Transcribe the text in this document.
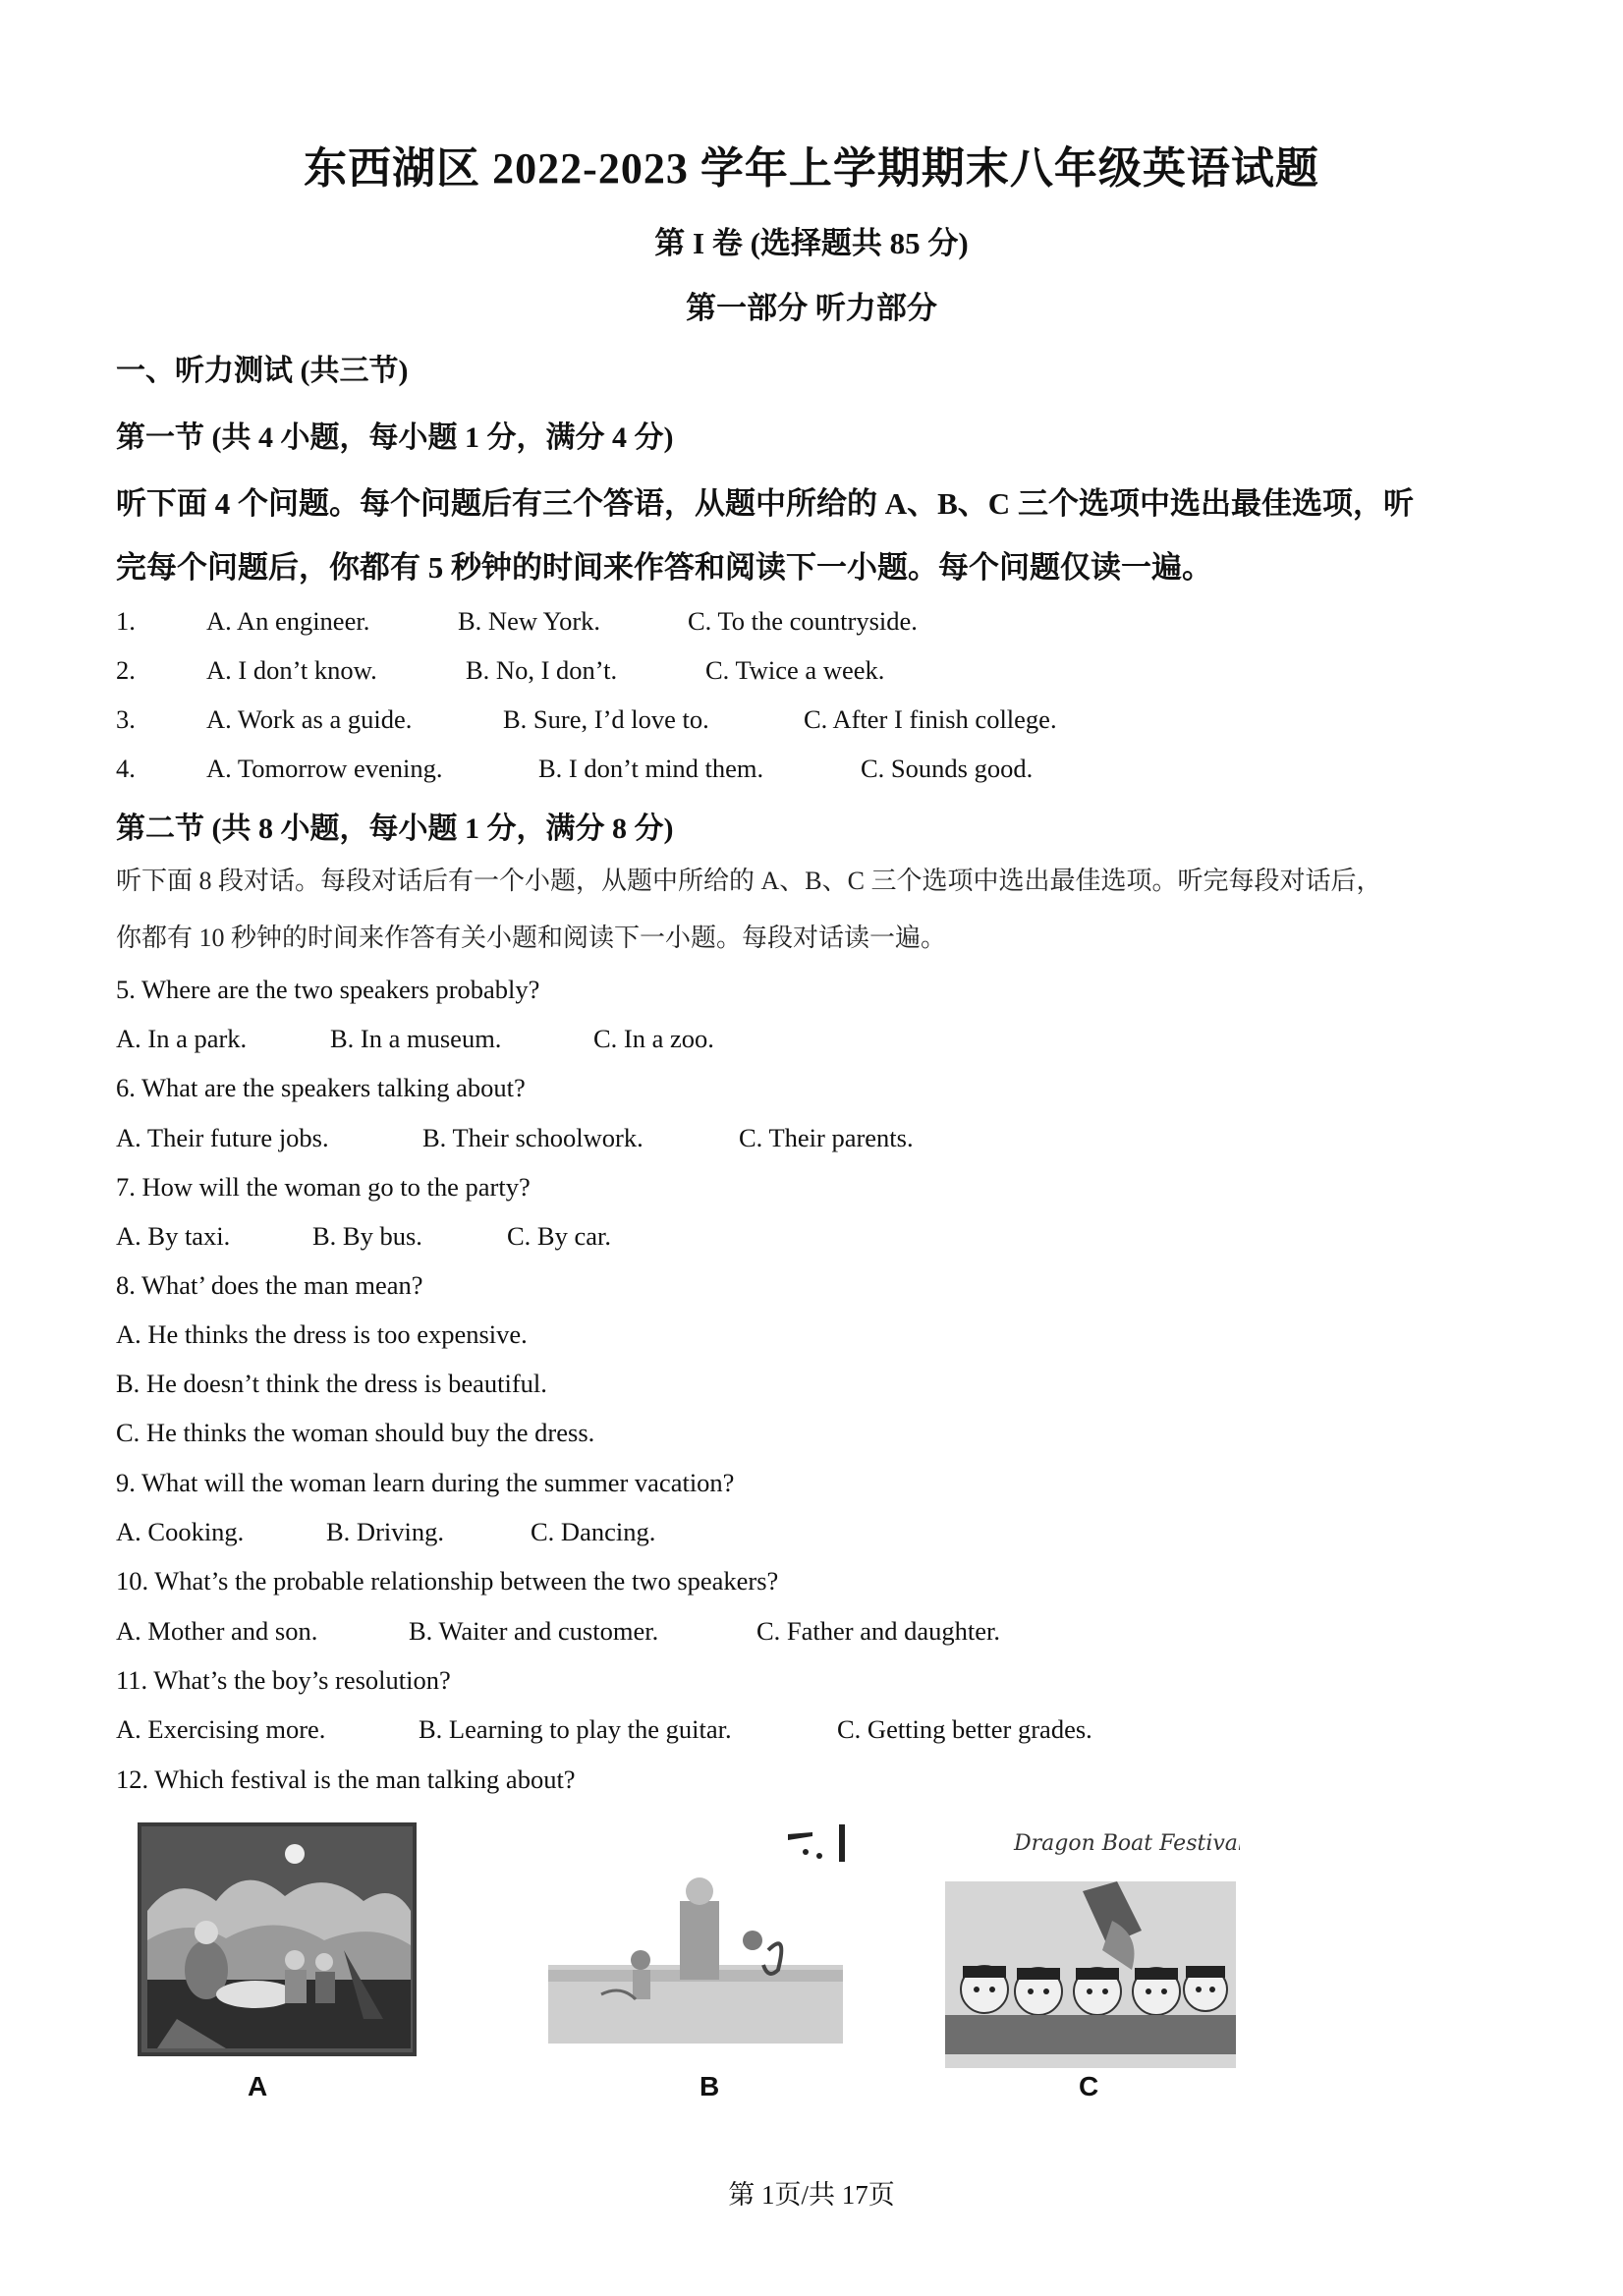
东西湖区 2022-2023 学年上学期期末八年级英语试题
第 I 卷 (选择题共 85 分)
第一部分 听力部分
一、听力测试 (共三节)
第一节 (共 4 小题，每小题 1 分，满分 4 分)
听下面 4 个问题。每个问题后有三个答语，从题中所给的 A、B、C 三个选项中选出最佳选项，听
完每个问题后，你都有 5 秒钟的时间来作答和阅读下一小题。每个问题仅读一遍。
1.	A. An engineer.	B. New York.	C. To the countryside.
2.	A. I don’t know.	B. No, I don’t.	C. Twice a week.
3.	A. Work as a guide.	B. Sure, I’d love to.	C. After I finish college.
4.	A. Tomorrow evening.	B. I don’t mind them.	C. Sounds good.
第二节 (共 8 小题，每小题 1 分，满分 8 分)
听下面 8 段对话。每段对话后有一个小题，从题中所给的 A、B、C 三个选项中选出最佳选项。听完每段对话后，
你都有 10 秒钟的时间来作答有关小题和阅读下一小题。每段对话读一遍。
5. Where are the two speakers probably?
A. In a park.	B. In a museum.	C. In a zoo.
6. What are the speakers talking about?
A. Their future jobs.	B. Their schoolwork.	C. Their parents.
7. How will the woman go to the party?
A. By taxi.	B. By bus.	C. By car.
8. What’ does the man mean?
A. He thinks the dress is too expensive.
B. He doesn’t think the dress is beautiful.
C. He thinks the woman should buy the dress.
9. What will the woman learn during the summer vacation?
A. Cooking.	B. Driving.	C. Dancing.
10. What’s the probable relationship between the two speakers?
A. Mother and son.	B. Waiter and customer.	C. Father and daughter.
11. What’s the boy’s resolution?
A. Exercising more.	B. Learning to play the guitar.	C. Getting better grades.
12. Which festival is the man talking about?
A	B
Dragon Boat Festival
C
第 1页/共 17页
